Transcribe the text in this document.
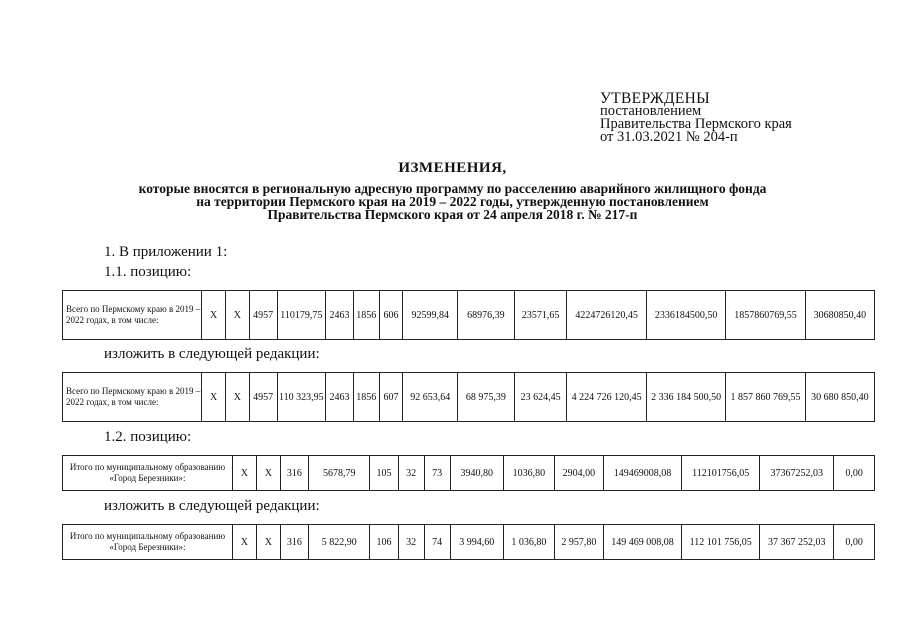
УТВЕРЖДЕНЫ
постановлением
Правительства Пермского края
от 31.03.2021 № 204-п
ИЗМЕНЕНИЯ,
которые вносятся в региональную адресную программу по расселению аварийного жилищного фонда
на территории Пермского края на 2019 – 2022 годы, утвержденную постановлением
Правительства Пермского края от 24 апреля 2018 г. № 217-п
1. В приложении 1:
1.1. позицию:
Всего по Пермскому краю в 2019 – 2022 годах, в том числе:	Х	Х	4957	110179,75	2463	1856	606	92599,84	68976,39	23571,65	4224726120,45	2336184500,50	1857860769,55	30680850,40
изложить в следующей редакции:
Всего по Пермскому краю в 2019 – 2022 годах, в том числе:	Х	Х	4957	110 323,95	2463	1856	607	92 653,64	68 975,39	23 624,45	4 224 726 120,45	2 336 184 500,50	1 857 860 769,55	30 680 850,40
1.2. позицию:
Итого по муниципальному образованию «Город Березники»:	Х	Х	316	5678,79	105	32	73	3940,80	1036,80	2904,00	149469008,08	112101756,05	37367252,03	0,00
изложить в следующей редакции:
Итого по муниципальному образованию «Город Березники»:	Х	Х	316	5 822,90	106	32	74	3 994,60	1 036,80	2 957,80	149 469 008,08	112 101 756,05	37 367 252,03	0,00
